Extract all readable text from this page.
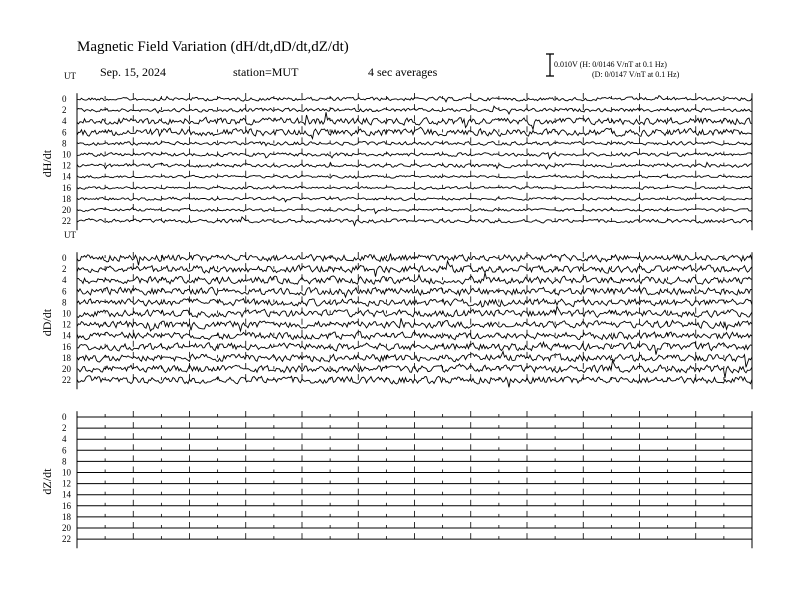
Magnetic Field Variation (dH/dt,dD/dt,dZ/dt)
Sep. 15, 2024	station=MUT	4 sec averages
0.010V (H: 0/0146 V/nT at 0.1 Hz)
(D: 0/0147 V/nT at 0.1 Hz)
UT
dH/dt
0
2
4
6
8
10
12
14
16
18
20
22
UT
dD/dt
0
2
4
6
8
10
12
14
16
18
20
22
dZ/dt
0
2
4
6
8
10
12
14
16
18
20
22
